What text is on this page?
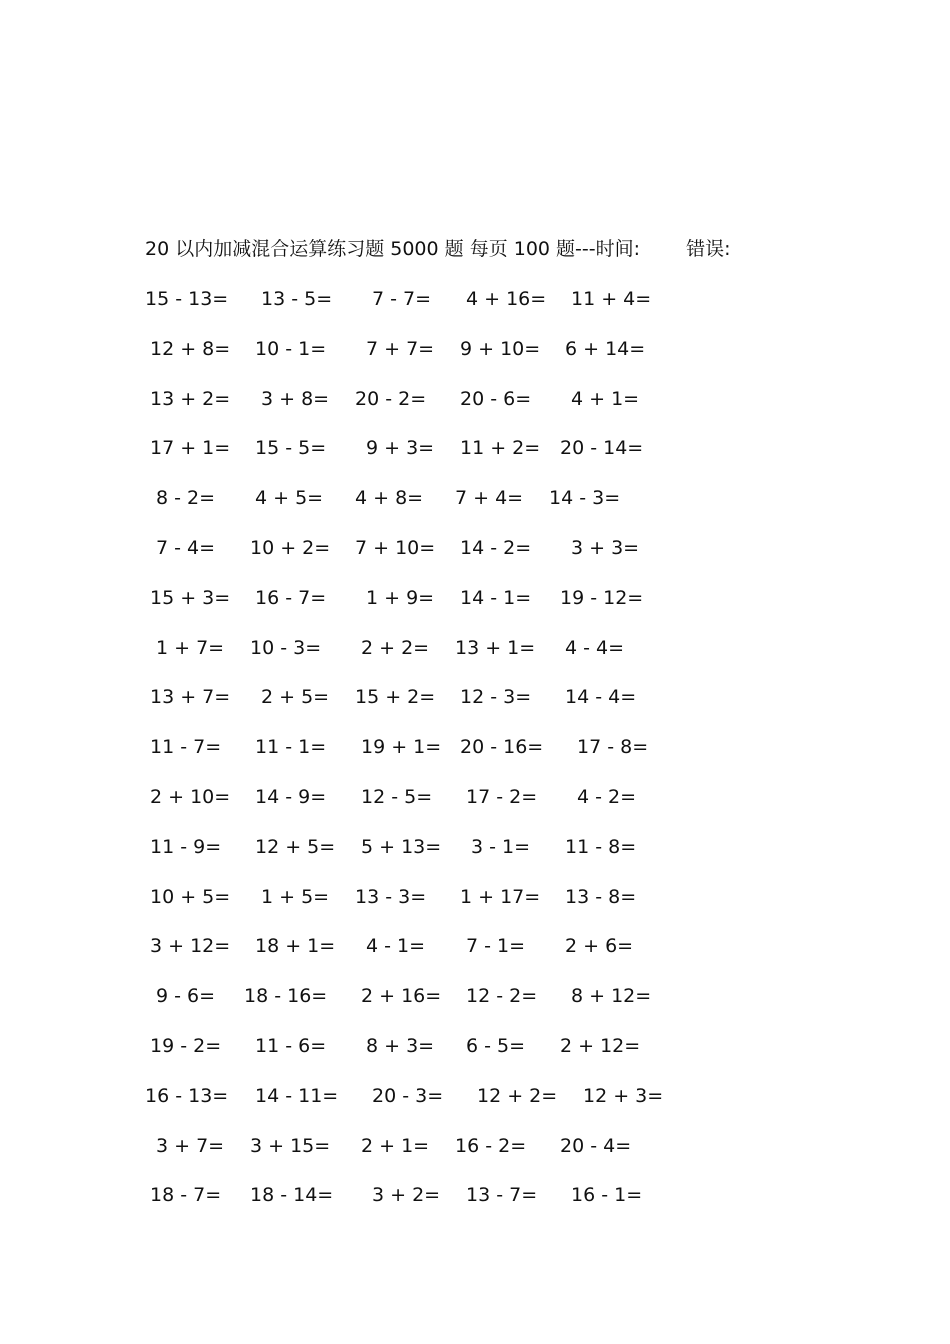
20 以内加减混合运算练习题 5000 题 每页 100 题---时间: 错误:
15 - 13= 13 - 5= 7 - 7= 4 + 16= 11 + 4=
12 + 8= 10 - 1= 7 + 7= 9 + 10= 6 + 14=
13 + 2= 3 + 8= 20 - 2= 20 - 6= 4 + 1=
17 + 1= 15 - 5= 9 + 3= 11 + 2= 20 - 14=
8 - 2= 4 + 5= 4 + 8= 7 + 4= 14 - 3=
7 - 4= 10 + 2= 7 + 10= 14 - 2= 3 + 3=
15 + 3= 16 - 7= 1 + 9= 14 - 1= 19 - 12=
1 + 7= 10 - 3= 2 + 2= 13 + 1= 4 - 4=
13 + 7= 2 + 5= 15 + 2= 12 - 3= 14 - 4=
11 - 7= 11 - 1= 19 + 1= 20 - 16= 17 - 8=
2 + 10= 14 - 9= 12 - 5= 17 - 2= 4 - 2=
11 - 9= 12 + 5= 5 + 13= 3 - 1= 11 - 8=
10 + 5= 1 + 5= 13 - 3= 1 + 17= 13 - 8=
3 + 12= 18 + 1= 4 - 1= 7 - 1= 2 + 6=
9 - 6= 18 - 16= 2 + 16= 12 - 2= 8 + 12=
19 - 2= 11 - 6= 8 + 3= 6 - 5= 2 + 12=
16 - 13= 14 - 11= 20 - 3= 12 + 2= 12 + 3=
3 + 7= 3 + 15= 2 + 1= 16 - 2= 20 - 4=
18 - 7= 18 - 14= 3 + 2= 13 - 7= 16 - 1=
